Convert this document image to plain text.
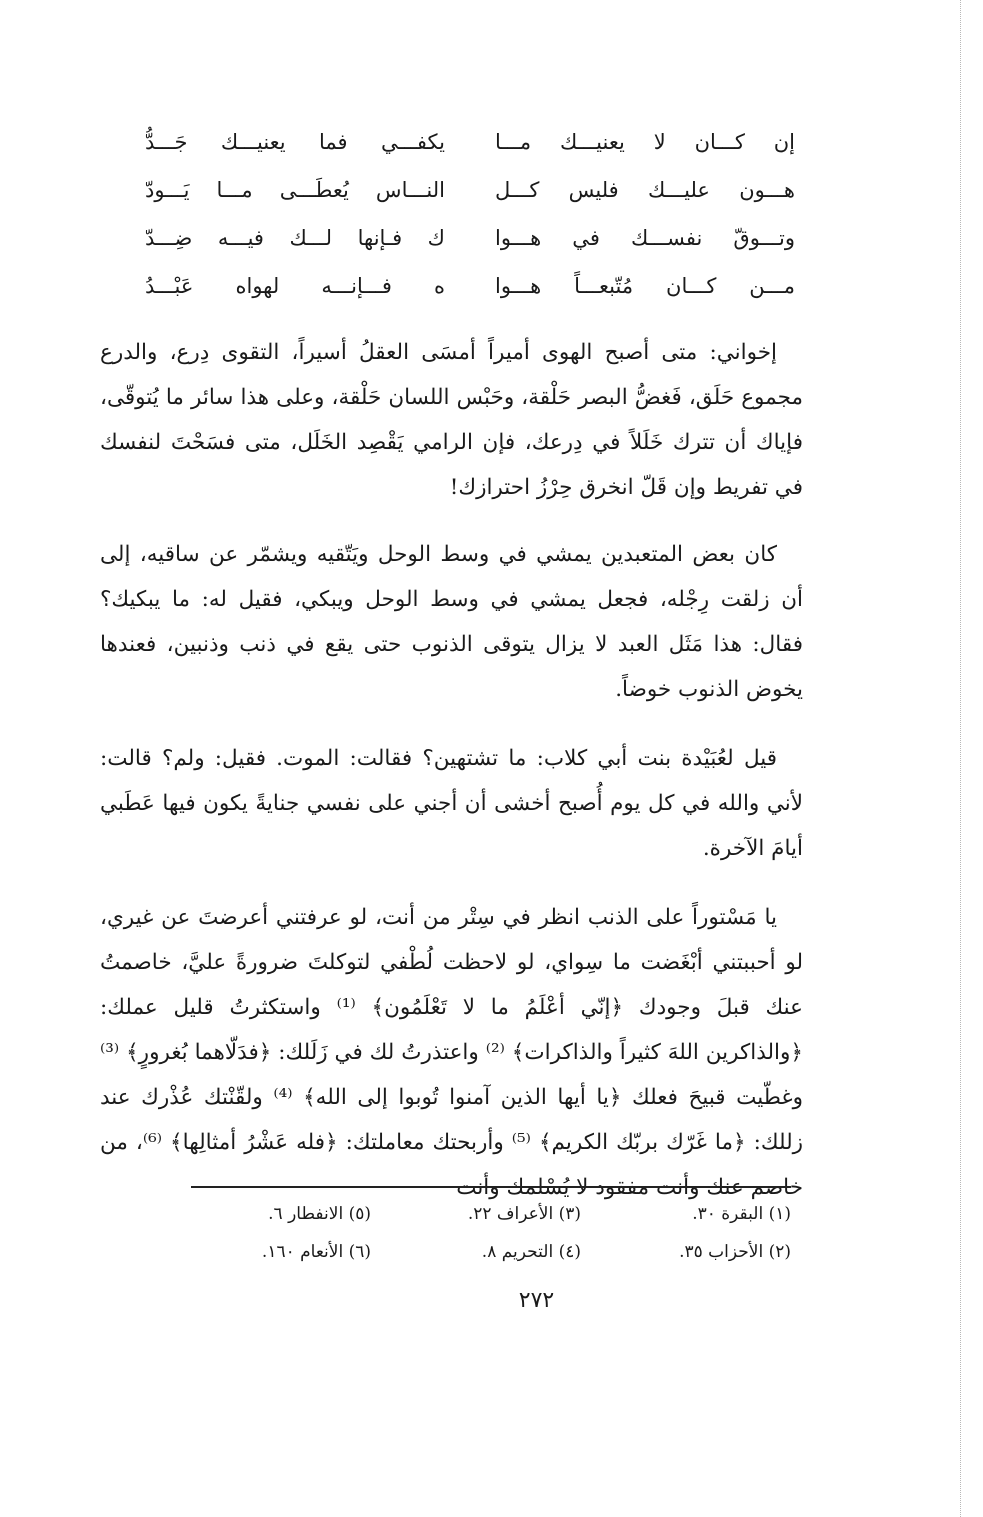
إن كـــان لا يعنيـــك مـــا
يكفـــي فما يعنيـــك جَـــدُّ
هـــون عليـــك فليس كـــل
النـــاس يُعطَـــى مـــا يَـــودّ
وتـــوقّ نفســـك في هـــوا
ك فـإنها لـــك فيـــه ضِـــدّ
مـــن كـــان مُتّبعـــاً هـــوا
ه فـــإنـــه لهواه عَبْـــدُ

إخواني: متى أصبح الهوى أميراً أمسَى العقلُ أسيراً، التقوى دِرع، والدرع مجموع حَلَق، فَغضُّ البصر حَلْقة، وحَبْس اللسان حَلْقة، وعلى هذا سائر ما يُتوقّى، فإياك أن تترك خَلَلاً في دِرعك، فإن الرامي يَقْصِد الخَلَل، متى فسَحْتَ لنفسك في تفريط وإن قَلّ انخرق حِرْزُ احترازك!

كان بعض المتعبدين يمشي في وسط الوحل ويَتّقيه ويشمّر عن ساقيه، إلى أن زلقت رِجْله، فجعل يمشي في وسط الوحل ويبكي، فقيل له: ما يبكيك؟ فقال: هذا مَثَل العبد لا يزال يتوقى الذنوب حتى يقع في ذنب وذنبين، فعندها يخوض الذنوب خوضاً.

قيل لعُبَيْدة بنت أبي كلاب: ما تشتهين؟ فقالت: الموت. فقيل: ولم؟ قالت: لأني والله في كل يوم أُصبح أخشى أن أجني على نفسي جنايةً يكون فيها عَطَبي أيامَ الآخرة.

يا مَسْتوراً على الذنب انظر في سِتْر من أنت، لو عرفتني أعرضتَ عن غيري، لو أحببتني أبْغَضت ما سِواي، لو لاحظت لُطْفي لتوكلتَ ضرورةً عليَّ، خاصمتُ عنك قبلَ وجودك ﴿إنّي أعْلَمُ ما لا تَعْلَمُون﴾ ⁽¹⁾ واستكثرتُ قليل عملك: ﴿والذاكرين اللهَ كثيراً والذاكرات﴾ ⁽²⁾ واعتذرتُ لك في زَلَلك: ﴿فدَلّاهما بُغرورٍ﴾ ⁽³⁾ وغطّيت قبيحَ فعلك ﴿يا أيها الذين آمنوا تُوبوا إلى الله﴾ ⁽⁴⁾ ولقّنْتك عُذْرك عند زللك: ﴿ما غَرّك بربّك الكريم﴾ ⁽⁵⁾ وأربحتك معاملتك: ﴿فله عَشْرُ أمثالِها﴾ ⁽⁶⁾، من خاصم عنك وأنت مفقود لا يُسْلمك وأنت

(١) البقرة ٣٠.
(٣) الأعراف ٢٢.
(٥) الانفطار ٦.
(٢) الأحزاب ٣٥.
(٤) التحريم ٨.
(٦) الأنعام ١٦٠.
٢٧٢
